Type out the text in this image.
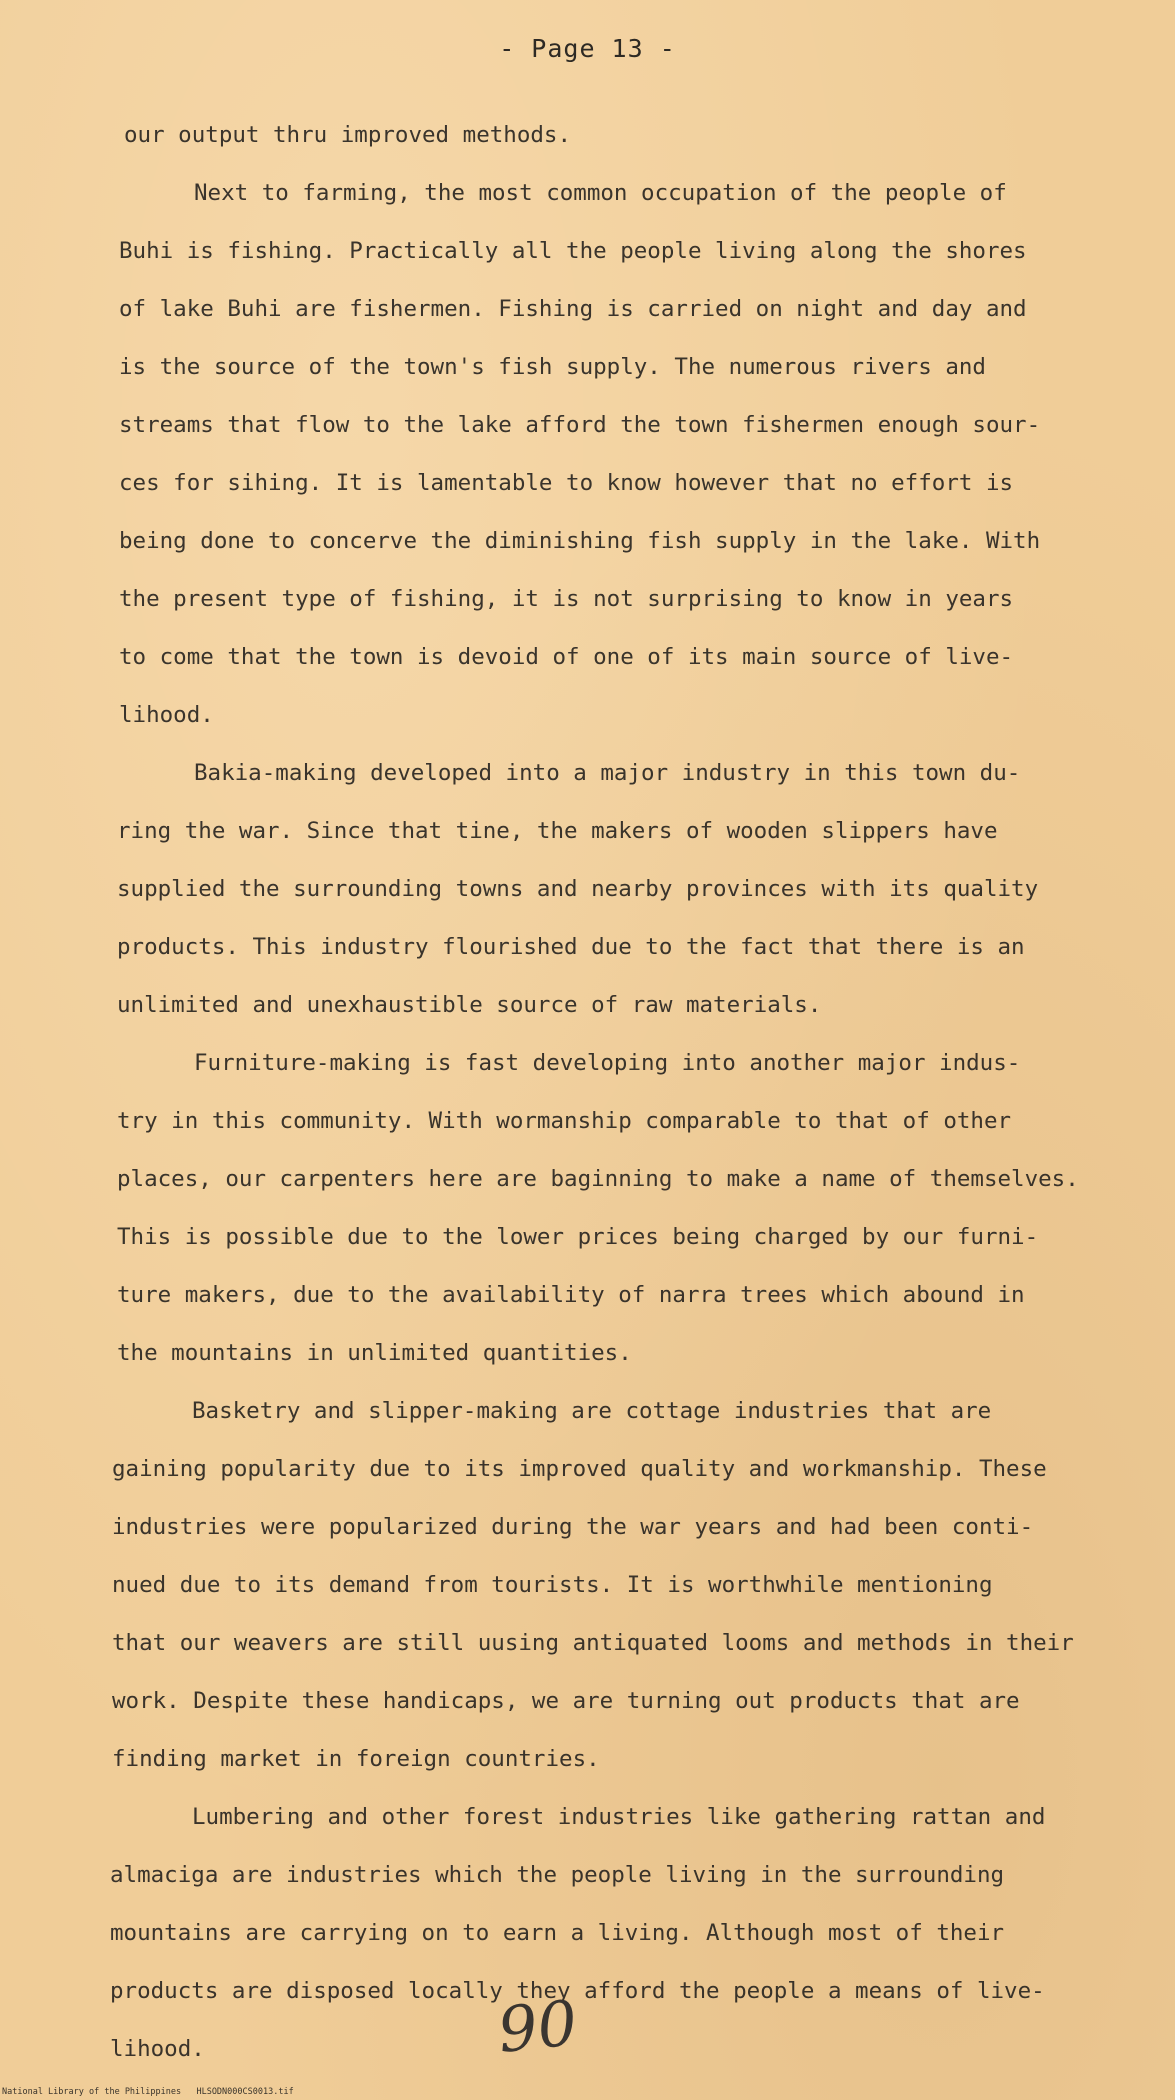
- Page 13 -
our output thru improved methods.
Next to farming, the most common occupation of the people of
Buhi is fishing. Practically all the people living along the shores
of lake Buhi are fishermen. Fishing is carried on night and day and
is the source of the town's fish supply. The numerous rivers and
streams that flow to the lake afford the town fishermen enough sour-
ces for sihing. It is lamentable to know however that no effort is
being done to concerve the diminishing fish supply in the lake. With
the present type of fishing, it is not surprising to know in years
to come that the town is devoid of one of its main source of live-
lihood.
Bakia-making developed into a major industry in this town du-
ring the war. Since that tine, the makers of wooden slippers have
supplied the surrounding towns and nearby provinces with its quality
products. This industry flourished due to the fact that there is an
unlimited and unexhaustible source of raw materials.
Furniture-making is fast developing into another major indus-
try in this community. With wormanship comparable to that of other
places, our carpenters here are baginning to make a name of themselves.
This is possible due to the lower prices being charged by our furni-
ture makers, due to the availability of narra trees which abound in
the mountains in unlimited quantities.
Basketry and slipper-making are cottage industries that are
gaining popularity due to its improved quality and workmanship. These
industries were popularized during the war years and had been conti-
nued due to its demand from tourists. It is worthwhile mentioning
that our weavers are still uusing antiquated looms and methods in their
work. Despite these handicaps, we are turning out products that are
finding market in foreign countries.
Lumbering and other forest industries like gathering rattan and
almaciga are industries which the people living in the surrounding
mountains are carrying on to earn a living. Although most of their
products are disposed locally they afford the people a means of live-
lihood.	90
National Library of the Philippines   HLSODN000CS0013.tif
